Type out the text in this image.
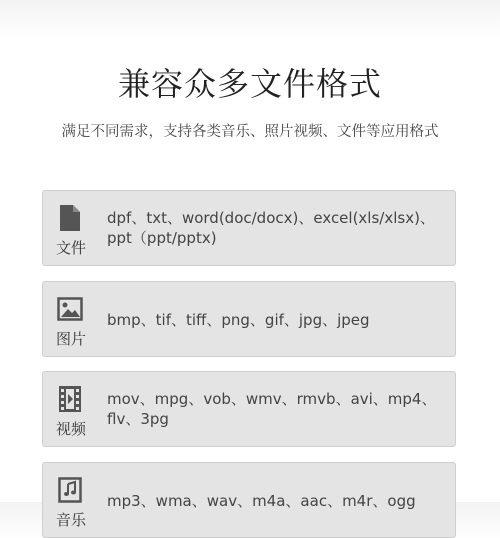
兼容众多文件格式
满足不同需求，支持各类音乐、照片视频、文件等应用格式
文件
dpf、txt、word(doc/docx)、excel(xls/xlsx)、ppt（ppt/pptx)
图片
bmp、tif、tiff、png、gif、jpg、jpeg
视频
mov、mpg、vob、wmv、rmvb、avi、mp4、flv、3pg
音乐
mp3、wma、wav、m4a、aac、m4r、ogg
